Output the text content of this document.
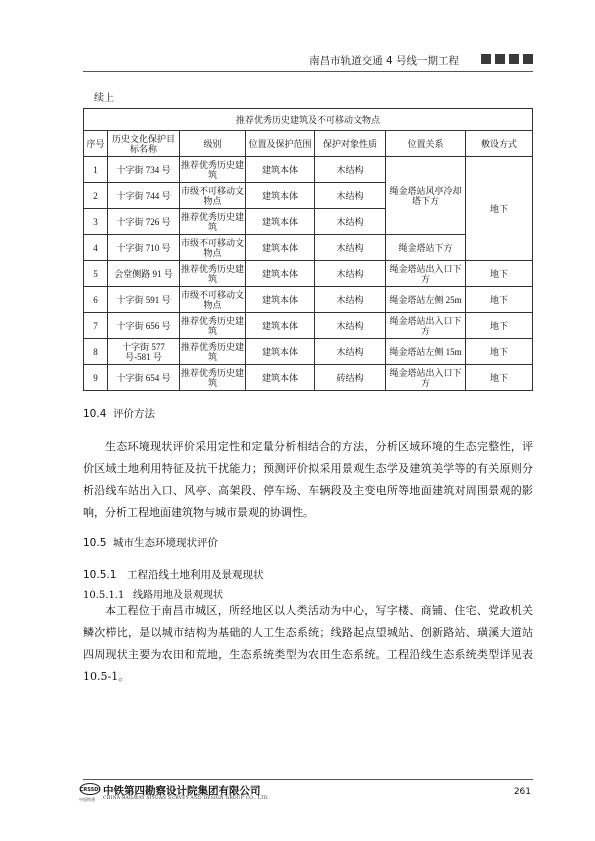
南昌市轨道交通 4 号线一期工程
续上
推荐优秀历史建筑及不可移动文物点						
序号	历史文化保护目标名称	级别	位置及保护范围	保护对象性质	位置关系	敷设方式
1	十字街 734 号	推荐优秀历史建筑	建筑本体	木结构	绳金塔站风亭冷却塔下方	地下
2	十字街 744 号	市级不可移动文物点	建筑本体	木结构		
3	十字街 726 号	推荐优秀历史建筑	建筑本体	木结构		
4	十字街 710 号	市级不可移动文物点	建筑本体	木结构	绳金塔站下方	
5	会堂侧路 91 号	推荐优秀历史建筑	建筑本体	木结构	绳金塔站出入口下方	地下
6	十字街 591 号	市级不可移动文物点	建筑本体	木结构	绳金塔站左侧 25m	地下
7	十字街 656 号	推荐优秀历史建筑	建筑本体	木结构	绳金塔站出入口下方	地下
8	十字街 577 号-581 号	推荐优秀历史建筑	建筑本体	木结构	绳金塔站左侧 15m	地下
9	十字街 654 号	推荐优秀历史建筑	建筑本体	砖结构	绳金塔站出入口下方	地下
10.4 评价方法
生态环境现状评价采用定性和定量分析相结合的方法，分析区域环境的生态完整性，评价区域土地利用特征及抗干扰能力；预测评价拟采用景观生态学及建筑美学等的有关原则分析沿线车站出入口、风亭、高架段、停车场、车辆段及主变电所等地面建筑对周围景观的影响，分析工程地面建筑物与城市景观的协调性。
10.5 城市生态环境现状评价
10.5.1 工程沿线土地利用及景观现状
10.5.1.1 线路用地及景观现状
本工程位于南昌市城区，所经地区以人类活动为中心，写字楼、商铺、住宅、党政机关鳞次栉比，是以城市结构为基础的人工生态系统；线路起点望城站、创新路站、璜溪大道站四周现状主要为农田和荒地，生态系统类型为农田生态系统。工程沿线生态系统类型详见表 10.5-1。
CRSSDI
中国铁建
中铁第四勘察设计院集团有限公司
CHINA RAILWAY SIYUAN SURVEY AND DESIGN GROUP CO., LTD.
261
